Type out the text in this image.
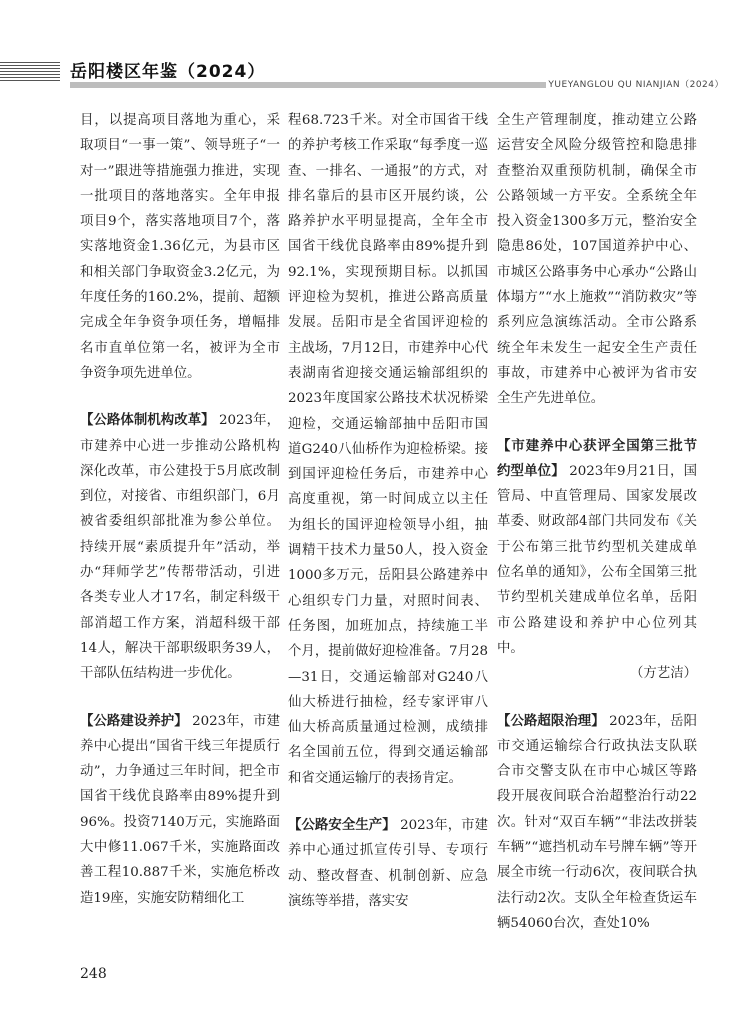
岳阳楼区年鉴（2024）
YUEYANGLOU QU NIANJIAN（2024）

目，以提高项目落地为重心，采取项目“一事一策”、领导班子“一对一”跟进等措施强力推进，实现一批项目的落地落实。全年申报项目9个，落实落地项目7个，落实落地资金1.36亿元，为县市区和相关部门争取资金3.2亿元，为年度任务的160.2%，提前、超额完成全年争资争项任务，增幅排名市直单位第一名，被评为全市争资争项先进单位。

【公路体制机构改革】 2023年，市建养中心进一步推动公路机构深化改革，市公建投于5月底改制到位，对接省、市组织部门，6月被省委组织部批准为参公单位。持续开展“素质提升年”活动，举办“拜师学艺”传帮带活动，引进各类专业人才17名，制定科级干部消超工作方案，消超科级干部14人，解决干部职级职务39人，干部队伍结构进一步优化。

【公路建设养护】 2023年，市建养中心提出“国省干线三年提质行动”，力争通过三年时间，把全市国省干线优良路率由89%提升到96%。投资7140万元，实施路面大中修11.067千米，实施路面改善工程10.887千米，实施危桥改造19座，实施安防精细化工

程68.723千米。对全市国省干线的养护考核工作采取“每季度一巡查、一排名、一通报”的方式，对排名靠后的县市区开展约谈，公路养护水平明显提高，全年全市国省干线优良路率由89%提升到92.1%，实现预期目标。以抓国评迎检为契机，推进公路高质量发展。岳阳市是全省国评迎检的主战场，7月12日，市建养中心代表湖南省迎接交通运输部组织的2023年度国家公路技术状况桥梁迎检，交通运输部抽中岳阳市国道G240八仙桥作为迎检桥梁。接到国评迎检任务后，市建养中心高度重视，第一时间成立以主任为组长的国评迎检领导小组，抽调精干技术力量50人，投入资金1000多万元，岳阳县公路建养中心组织专门力量，对照时间表、任务图，加班加点，持续施工半个月，提前做好迎检准备。7月28—31日，交通运输部对G240八仙大桥进行抽检，经专家评审八仙大桥高质量通过检测，成绩排名全国前五位，得到交通运输部和省交通运输厅的表扬肯定。

【公路安全生产】 2023年，市建养中心通过抓宣传引导、专项行动、整改督查、机制创新、应急演练等举措，落实安

全生产管理制度，推动建立公路运营安全风险分级管控和隐患排查整治双重预防机制，确保全市公路领域一方平安。全系统全年投入资金1300多万元，整治安全隐患86处，107国道养护中心、市城区公路事务中心承办“公路山体塌方”“水上施救”“消防救灾”等系列应急演练活动。全市公路系统全年未发生一起安全生产责任事故，市建养中心被评为省市安全生产先进单位。

【市建养中心获评全国第三批节约型单位】 2023年9月21日，国管局、中直管理局、国家发展改革委、财政部4部门共同发布《关于公布第三批节约型机关建成单位名单的通知》，公布全国第三批节约型机关建成单位名单，岳阳市公路建设和养护中心位列其中。

（方艺洁）

【公路超限治理】 2023年，岳阳市交通运输综合行政执法支队联合市交警支队在市中心城区等路段开展夜间联合治超整治行动22次。针对“双百车辆”“非法改拼装车辆”“遮挡机动车号牌车辆”等开展全市统一行动6次，夜间联合执法行动2次。支队全年检查货运车辆54060台次，查处10%

248
